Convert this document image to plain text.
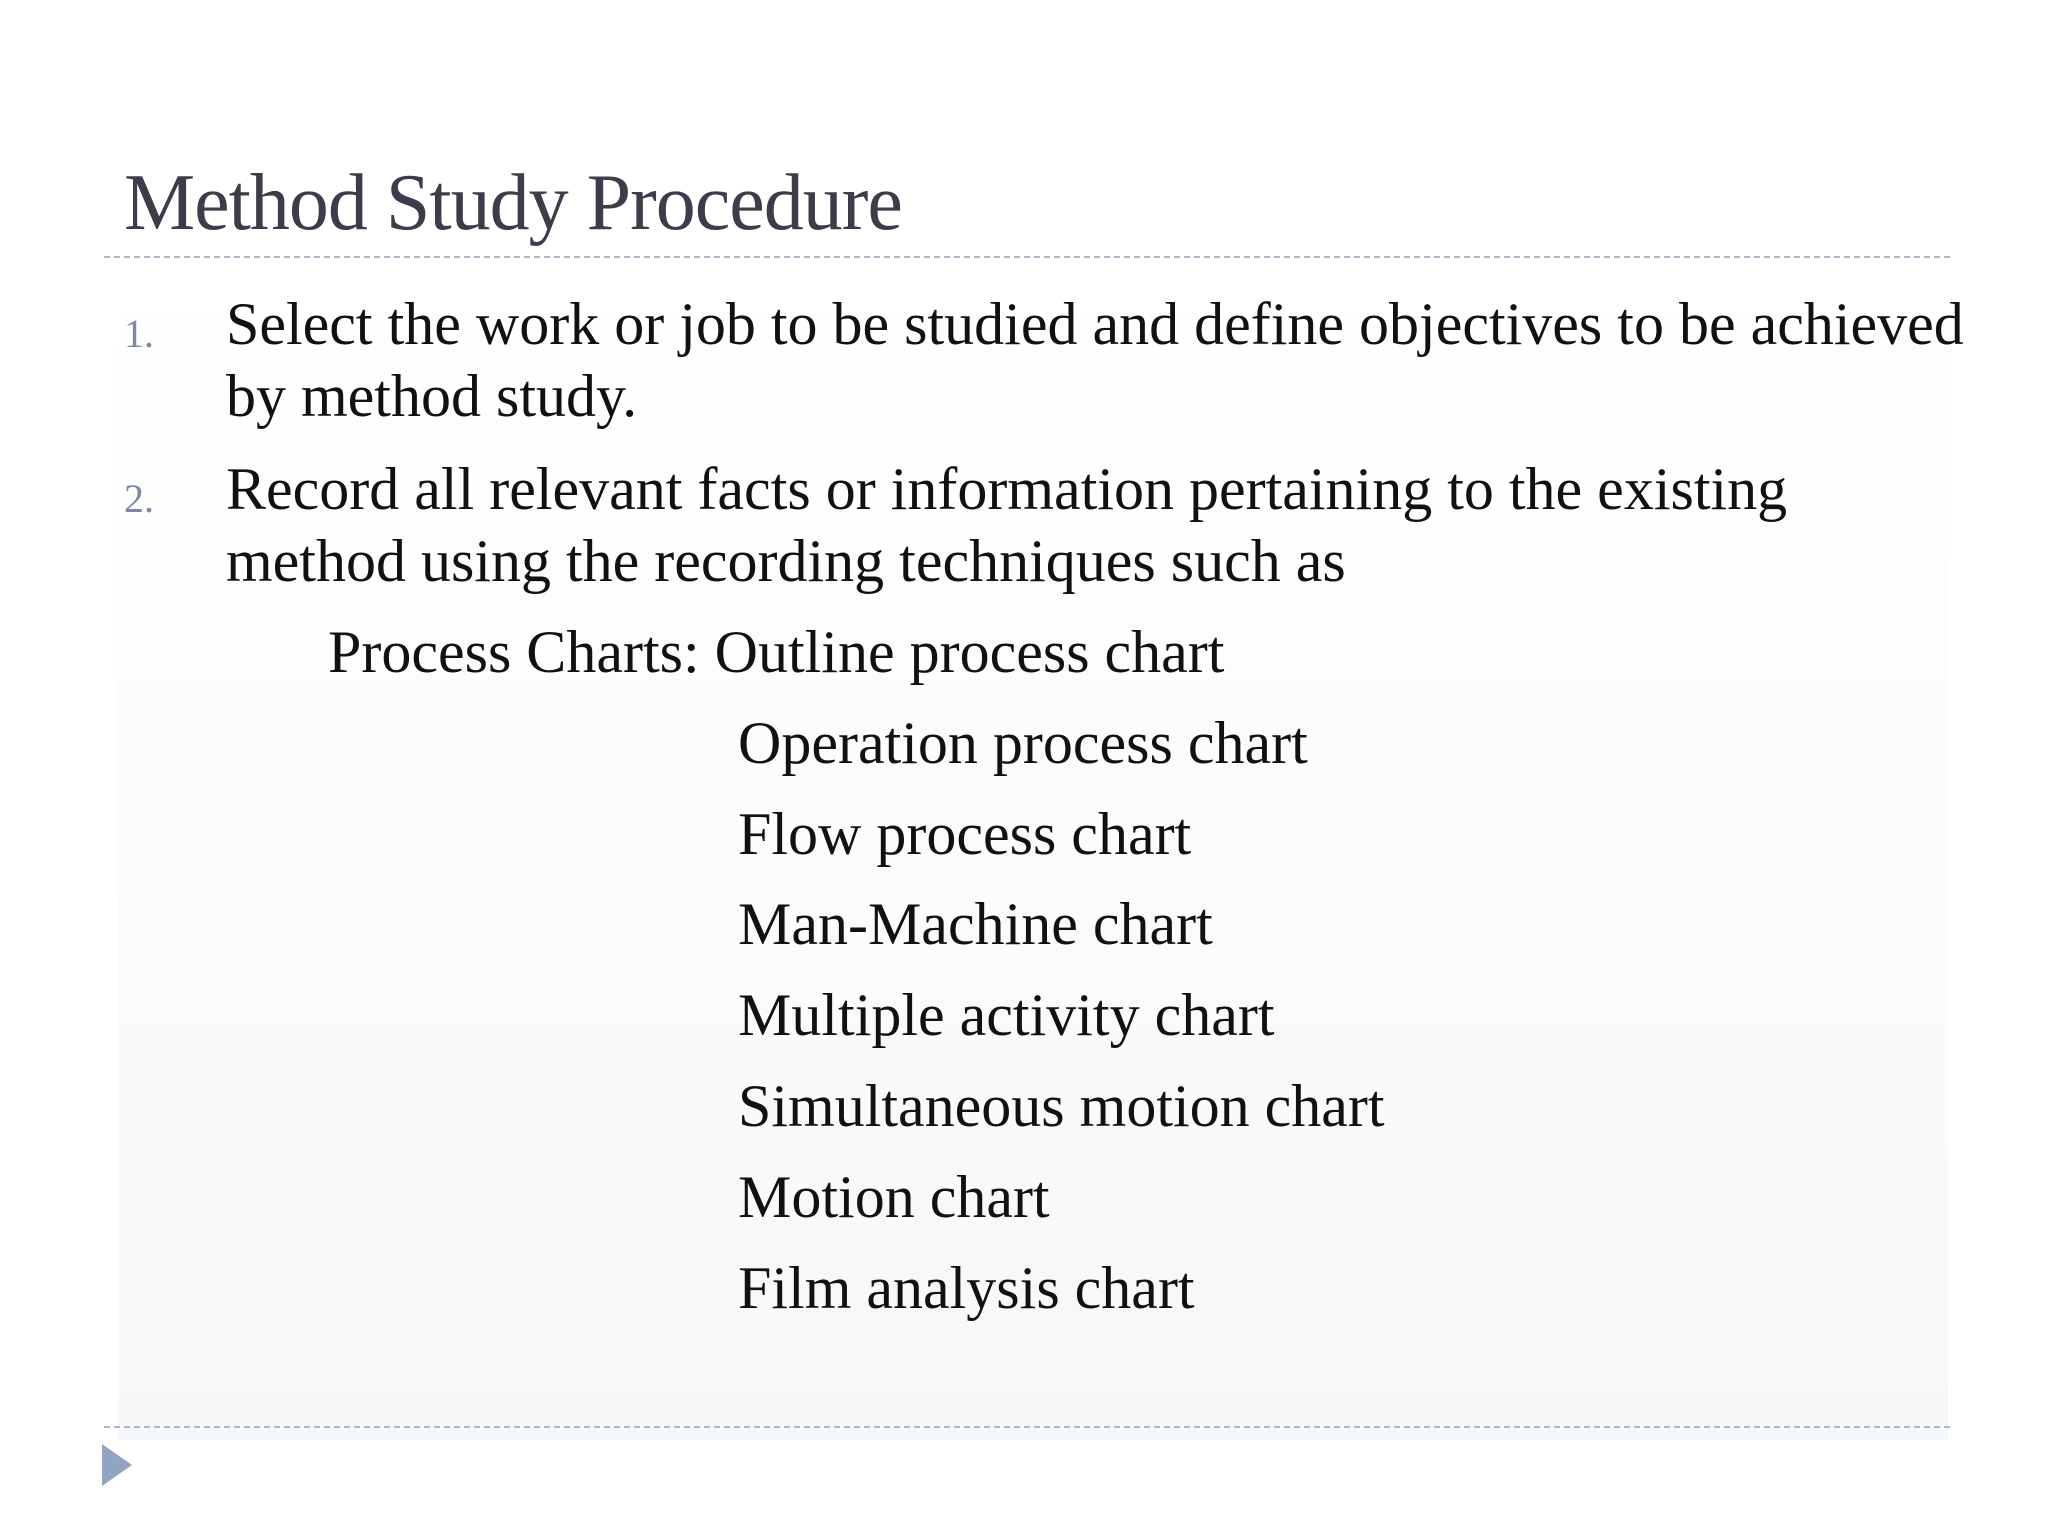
Method Study Procedure
1. Select the work or job to be studied and define objectives to be achieved by method study.
2. Record all relevant facts or information pertaining to the existing method using the recording techniques such as
Process Charts: Outline process chart
Operation process chart
Flow process chart
Man-Machine chart
Multiple activity chart
Simultaneous motion chart
Motion chart
Film analysis chart
